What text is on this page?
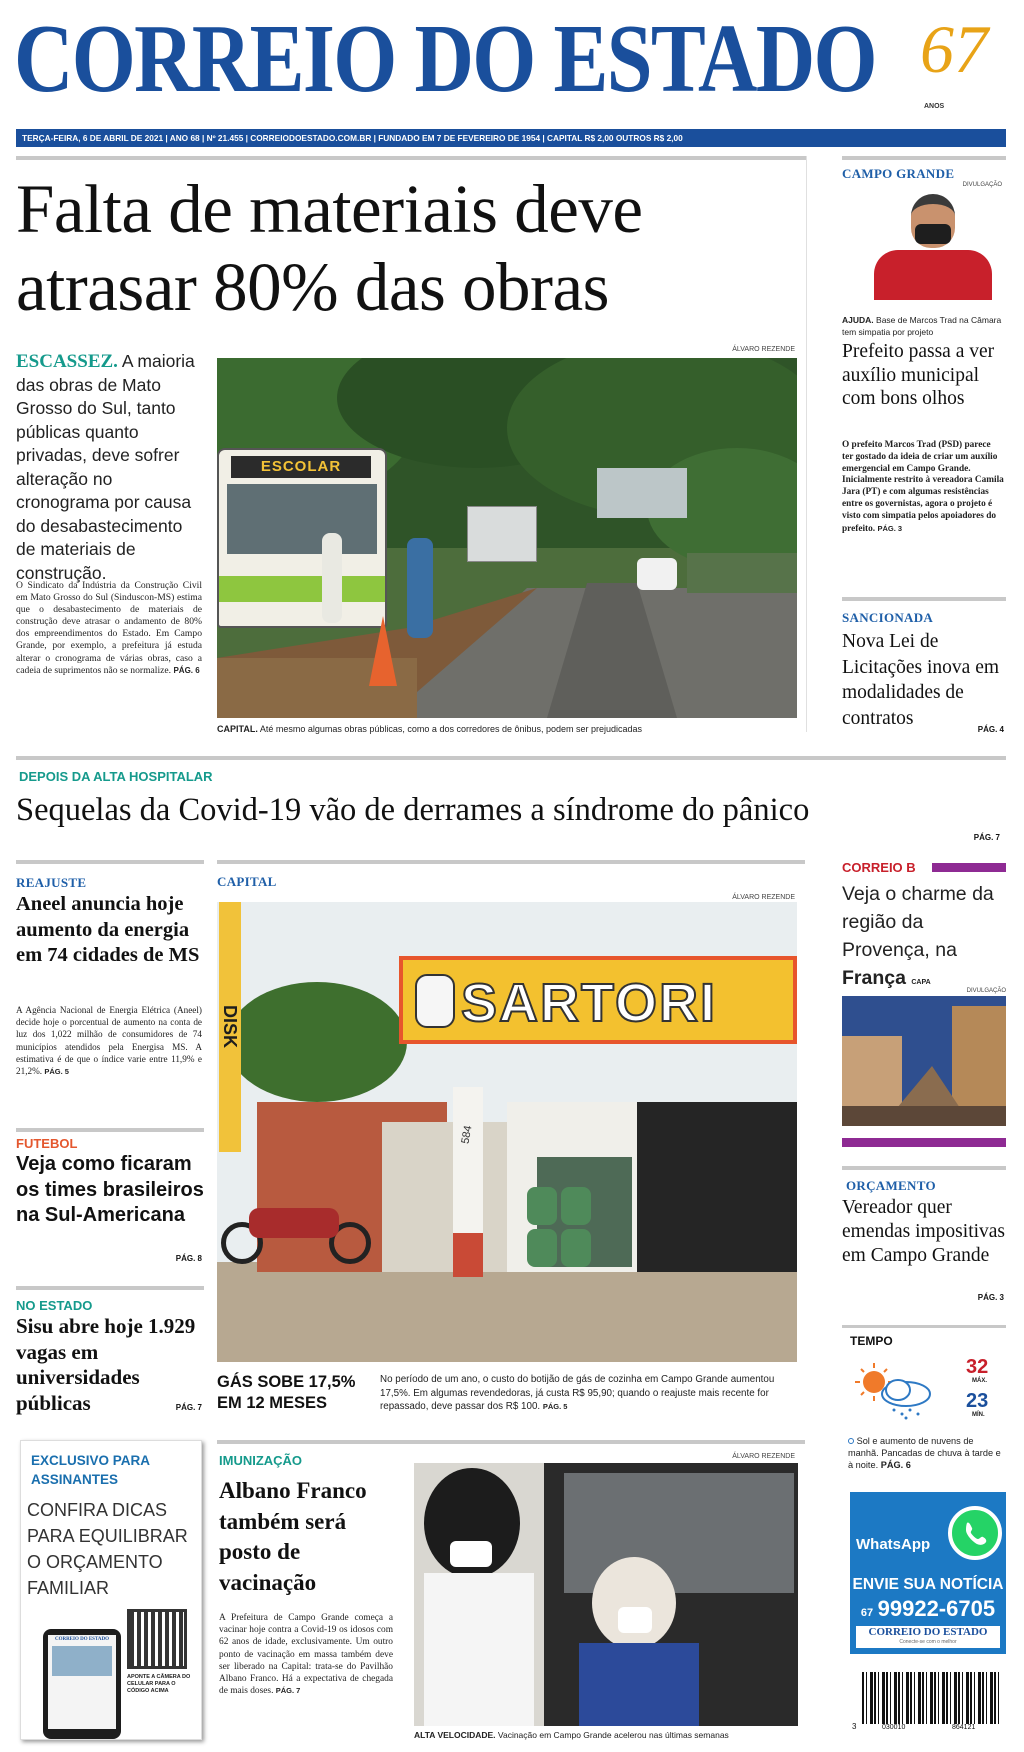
CORREIO DO ESTADO 67
ANOS
TERÇA-FEIRA, 6 DE ABRIL DE 2021 | ANO 68 | Nº 21.455 | CORREIODOESTADO.COM.BR | FUNDADO EM 7 DE FEVEREIRO DE 1954 | CAPITAL R$ 2,00 OUTROS R$ 2,00
Falta de materiais deve
atrasar 80% das obras
ESCASSEZ. A maioria das obras de Mato Grosso do Sul, tanto públicas quanto privadas, deve sofrer alteração no cronograma por causa do desabastecimento de materiais de construção.
O Sindicato da Indústria da Construção Civil em Mato Grosso do Sul (Sinduscon-MS) estima que o desabastecimento de materiais de construção deve atrasar o andamento de 80% dos empreendimentos do Estado. Em Campo Grande, por exemplo, a prefeitura já estuda alterar o cronograma de várias obras, caso a cadeia de suprimentos não se normalize. PÁG. 6
ÁLVARO REZENDE
ESCOLAR
CAPITAL. Até mesmo algumas obras públicas, como a dos corredores de ônibus, podem ser prejudicadas
CAMPO GRANDE
DIVULGAÇÃO
AJUDA. Base de Marcos Trad na Câmara tem simpatia por projeto
Prefeito passa a ver auxílio municipal com bons olhos
O prefeito Marcos Trad (PSD) parece ter gostado da ideia de criar um auxílio emergencial em Campo Grande. Inicialmente restrito à vereadora Camila Jara (PT) e com algumas resistências entre os governistas, agora o projeto é visto com simpatia pelos apoiadores do prefeito. PÁG. 3
SANCIONADA
Nova Lei de Licitações inova em modalidades de contratos
PÁG. 4
DEPOIS DA ALTA HOSPITALAR
Sequelas da Covid-19 vão de derrames a síndrome do pânico
PÁG. 7
REAJUSTE
Aneel anuncia hoje aumento da energia em 74 cidades de MS
A Agência Nacional de Energia Elétrica (Aneel) decide hoje o porcentual de aumento na conta de luz dos 1,022 milhão de consumidores de 74 municípios atendidos pela Energisa MS. A estimativa é de que o índice varie entre 11,9% e 21,2%. PÁG. 5
FUTEBOL
Veja como ficaram os times brasileiros na Sul-Americana
PÁG. 8
NO ESTADO
Sisu abre hoje 1.929 vagas em universidades públicas	PÁG. 7
CAPITAL
ÁLVARO REZENDE
DISK	SARTORI
584
GÁS SOBE 17,5%
EM 12 MESES
No período de um ano, o custo do botijão de gás de cozinha em Campo Grande aumentou 17,5%. Em algumas revendedoras, já custa R$ 95,90; quando o reajuste mais recente for repassado, deve passar dos R$ 100. PÁG. 5
CORREIO B
Veja o charme da região da Provença, na França CAPA
DIVULGAÇÃO
ORÇAMENTO
Vereador quer emendas impositivas em Campo Grande
PÁG. 3
TEMPO
32
MÁX.
23
MÍN.
Sol e aumento de nuvens de manhã. Pancadas de chuva à tarde e à noite. PÁG. 6
EXCLUSIVO PARA
ASSINANTES
CONFIRA DICAS PARA EQUILIBRAR O ORÇAMENTO FAMILIAR
CORREIO DO ESTADO
APONTE A CÂMERA DO CELULAR PARA O CÓDIGO ACIMA
IMUNIZAÇÃO	ÁLVARO REZENDE
Albano Franco também será posto de vacinação
A Prefeitura de Campo Grande começa a vacinar hoje contra a Covid-19 os idosos com 62 anos de idade, exclusivamente. Um outro ponto de vacinação em massa também deve ser liberado na Capital: trata-se do Pavilhão Albano Franco. Há a expectativa de chegada de mais doses. PÁG. 7
ALTA VELOCIDADE. Vacinação em Campo Grande acelerou nas últimas semanas
WhatsApp
ENVIE SUA NOTÍCIA
67 99922-6705
CORREIO DO ESTADO
Conecte-se com o melhor
3	030010	864121
